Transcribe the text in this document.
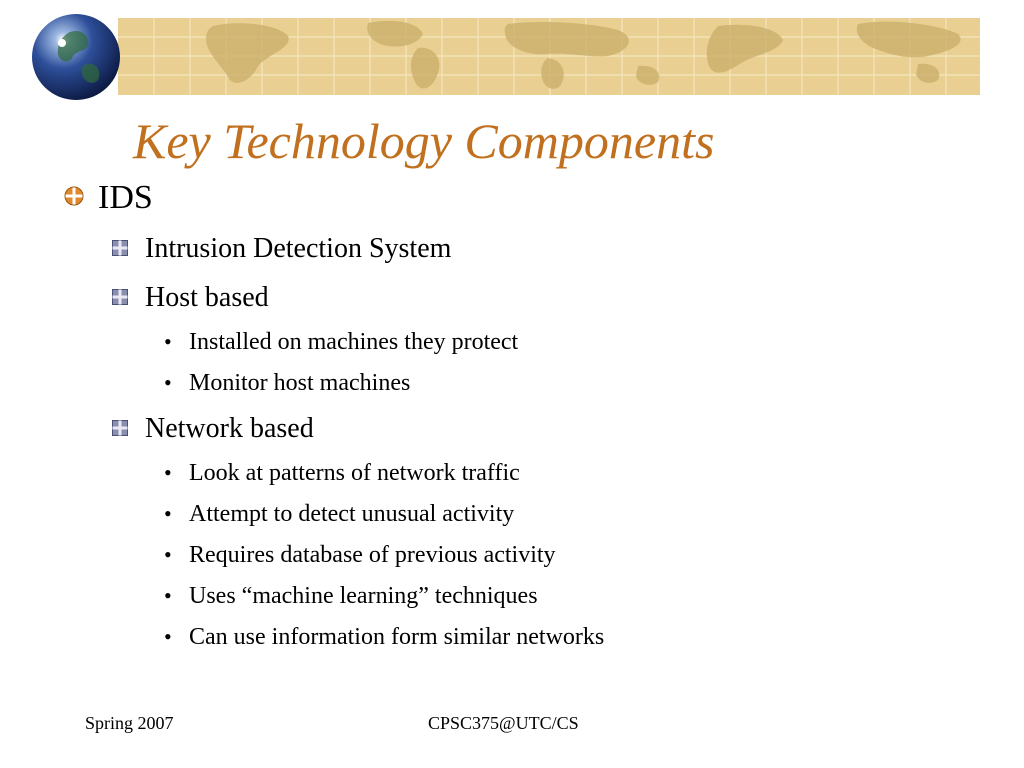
Key Technology Components
IDS
Intrusion Detection System
Host based
• Installed on machines they protect
• Monitor host machines
Network based
• Look at patterns of network traffic
• Attempt to detect unusual activity
• Requires database of previous activity
• Uses “machine learning” techniques
• Can use information form similar networks
Spring 2007	CPSC375@UTC/CS
